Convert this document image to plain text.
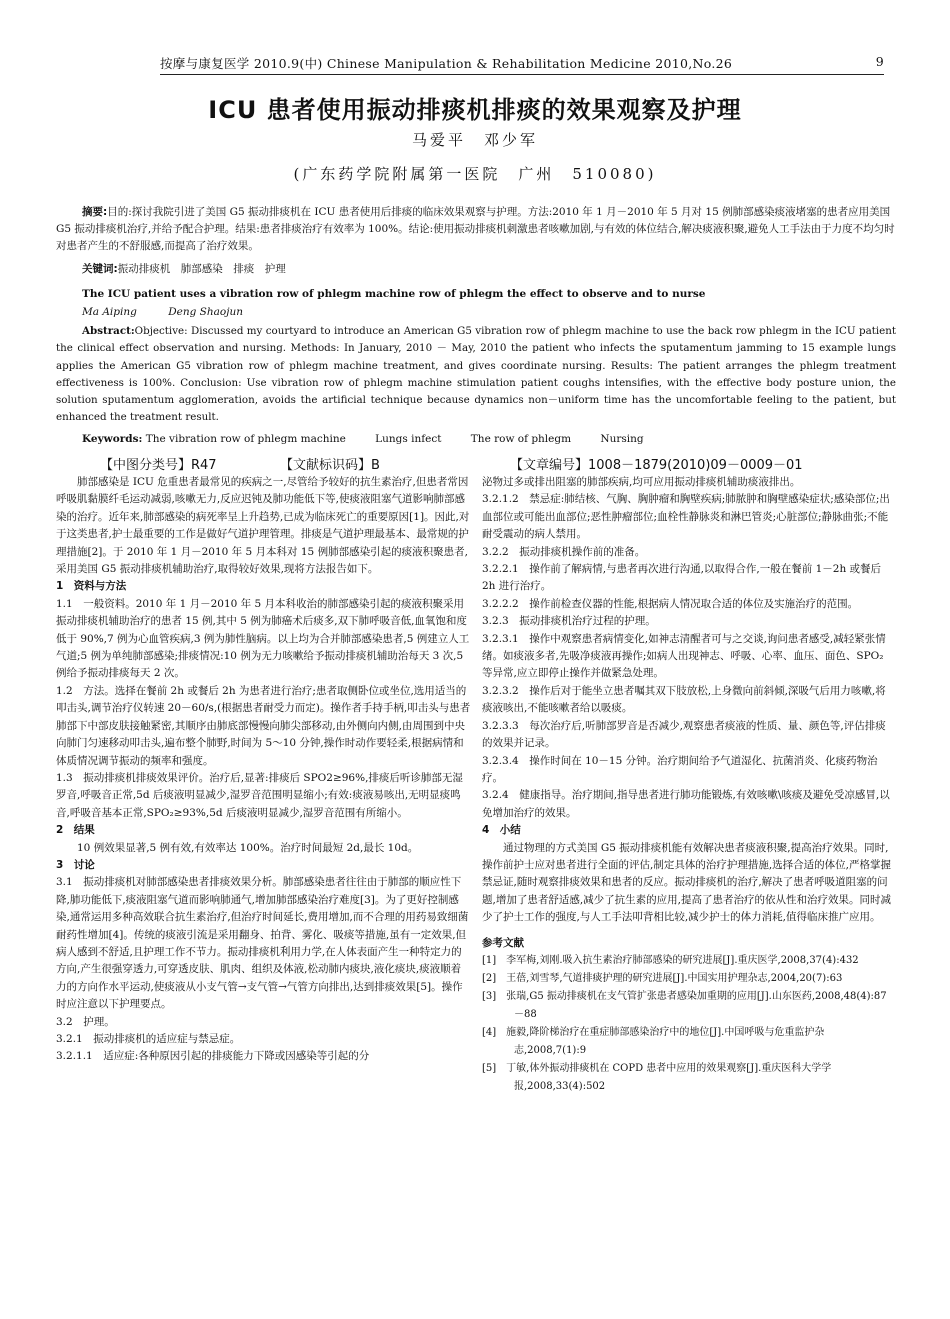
按摩与康复医学 2010.9(中) Chinese Manipulation & Rehabilitation Medicine 2010,No.26	9
ICU 患者使用振动排痰机排痰的效果观察及护理
马爱平　邓少军
(广东药学院附属第一医院　广州　510080)
摘要:目的:探讨我院引进了美国 G5 振动排痰机在 ICU 患者使用后排痰的临床效果观察与护理。方法:2010 年 1 月－2010 年 5 月对 15 例肺部感染痰液堵塞的患者应用美国 G5 振动排痰机治疗,并给予配合护理。结果:患者排痰治疗有效率为 100%。结论:使用振动排痰机刺激患者咳嗽加剧,与有效的体位结合,解决痰液积聚,避免人工手法由于力度不均匀时对患者产生的不舒服感,而提高了治疗效果。
关键词:振动排痰机　肺部感染　排痰　护理
The ICU patient uses a vibration row of phlegm machine row of phlegm the effect to observe and to nurse
Ma Aiping	Deng Shaojun
Abstract:Objective: Discussed my courtyard to introduce an American G5 vibration row of phlegm machine to use the back row phlegm in the ICU patient the clinical effect observation and nursing. Methods: In January, 2010 － May, 2010 the patient who infects the sputamentum jamming to 15 example lungs applies the American G5 vibration row of phlegm machine treatment, and gives coordinate nursing. Results: The patient arranges the phlegm treatment effectiveness is 100%. Conclusion: Use vibration row of phlegm machine stimulation patient coughs intensifies, with the effective body posture union, the solution sputamentum agglomeration, avoids the artificial technique because dynamics non－uniform time has the uncomfortable feeling to the patient, but enhanced the treatment result.
Keywords: The vibration row of phlegm machine	Lungs infect	The row of phlegm	Nursing
【中图分类号】R47	【文献标识码】B	【文章编号】1008－1879(2010)09－0009－01

肺部感染是 ICU 危重患者最常见的疾病之一,尽管给予较好的抗生素治疗,但患者常因呼吸肌黏膜纤毛运动减弱,咳嗽无力,反应迟钝及肺功能低下等,使痰液阻塞气道影响肺部感染的治疗。近年来,肺部感染的病死率呈上升趋势,已成为临床死亡的重要原因[1]。因此,对于这类患者,护士最重要的工作是做好气道护理管理。排痰是气道护理最基本、最常规的护理措施[2]。于 2010 年 1 月－2010 年 5 月本科对 15 例肺部感染引起的痰液积聚患者,采用美国 G5 振动排痰机辅助治疗,取得较好效果,现将方法报告如下。

1　资料与方法

1.1　一般资料。2010 年 1 月－2010 年 5 月本科收治的肺部感染引起的痰液积聚采用振动排痰机辅助治疗的患者 15 例,其中 5 例为肺癌术后痰多,双下肺呼吸音低,血氧饱和度低于 90%,7 例为心血管疾病,3 例为肺性脑病。以上均为合并肺部感染患者,5 例建立人工气道;5 例为单纯肺部感染;排痰情况:10 例为无力咳嗽给予振动排痰机辅助治每天 3 次,5 例给予振动排痰每天 2 次。

1.2　方法。选择在餐前 2h 或餐后 2h 为患者进行治疗;患者取侧卧位或坐位,选用适当的叩击头,调节治疗仪转速 20－60/s,(根据患者耐受力而定)。操作者手持手柄,叩击头与患者肺部下中部皮肤接触紧密,其顺序由肺底部慢慢向肺尖部移动,由外侧向内侧,由周围到中央向肺门匀速移动叩击头,遍布整个肺野,时间为 5～10 分钟,操作时动作要轻柔,根据病情和体质情况调节振动的频率和强度。

1.3　振动排痰机排痰效果评价。治疗后,显著:排痰后 SPO2≥96%,排痰后听诊肺部无湿罗音,呼吸音正常,5d 后痰液明显减少,湿罗音范围明显缩小;有效:痰液易咳出,无明显痰鸣音,呼吸音基本正常,SPO₂≥93%,5d 后痰液明显减少,湿罗音范围有所缩小。

2　结果

10 例效果显著,5 例有效,有效率达 100%。治疗时间最短 2d,最长 10d。

3　讨论

3.1　振动排痰机对肺部感染患者排痰效果分析。肺部感染患者往往由于肺部的顺应性下降,肺功能低下,痰液阻塞气道而影响肺通气,增加肺部感染治疗难度[3]。为了更好控制感染,通常运用多种高效联合抗生素治疗,但治疗时间延长,费用增加,而不合理的用药易致细菌耐药性增加[4]。传统的痰液引流是采用翻身、拍背、雾化、吸痰等措施,虽有一定效果,但病人感到不舒适,且护理工作不节力。振动排痰机利用力学,在人体表面产生一种特定力的方向,产生很强穿透力,可穿透皮肤、肌肉、组织及体液,松动肺内痰块,液化痰块,痰液顺着力的方向作水平运动,使痰液从小支气管→支气管→气管方向排出,达到排痰效果[5]。操作时应注意以下护理要点。

3.2　护理。

3.2.1　振动排痰机的适应症与禁忌症。

3.2.1.1　适应症:各种原因引起的排痰能力下降或因感染等引起的分

泌物过多或排出阻塞的肺部疾病,均可应用振动排痰机辅助痰液排出。

3.2.1.2　禁忌症:肺结核、气胸、胸肿瘤和胸壁疾病;肺脓肿和胸壁感染症状;感染部位;出血部位或可能出血部位;恶性肿瘤部位;血栓性静脉炎和淋巴管炎;心脏部位;静脉曲张;不能耐受震动的病人禁用。

3.2.2　振动排痰机操作前的准备。

3.2.2.1　操作前了解病情,与患者再次进行沟通,以取得合作,一般在餐前 1－2h 或餐后 2h 进行治疗。

3.2.2.2　操作前检查仪器的性能,根据病人情况取合适的体位及实施治疗的范围。

3.2.3　振动排痰机治疗过程的护理。

3.2.3.1　操作中观察患者病情变化,如神志清醒者可与之交谈,询问患者感受,减轻紧张情绪。如痰液多者,先吸净痰液再操作;如病人出现神志、呼吸、心率、血压、面色、SPO₂ 等异常,应立即停止操作并做紧急处理。

3.2.3.2　操作后对于能坐立患者嘱其双下肢放松,上身微向前斜倾,深吸气后用力咳嗽,将痰液咳出,不能咳嗽者给以吸痰。

3.2.3.3　每次治疗后,听肺部罗音是否减少,观察患者痰液的性质、量、颜色等,评估排痰的效果并记录。

3.2.3.4　操作时间在 10－15 分钟。治疗期间给予气道湿化、抗菌消炎、化痰药物治疗。

3.2.4　健康指导。治疗期间,指导患者进行肺功能锻炼,有效咳嗽\咳痰及避免受凉感冒,以免增加治疗的效果。

4　小结

通过物理的方式美国 G5 振动排痰机能有效解决患者痰液积聚,提高治疗效果。同时,操作前护士应对患者进行全面的评估,制定具体的治疗护理措施,选择合适的体位,严格掌握禁忌证,随时观察排痰效果和患者的反应。振动排痰机的治疗,解决了患者呼吸道阻塞的问题,增加了患者舒适感,减少了抗生素的应用,提高了患者治疗的依从性和治疗效果。同时减少了护士工作的强度,与人工手法叩背相比较,减少护士的体力消耗,值得临床推广应用。

参考文献

[1]　李军梅,刘刚.吸入抗生素治疗肺部感染的研究进展[J].重庆医学,2008,37(4):432

[2]　王蓓,刘雪琴,气道排痰护理的研究进展[J].中国实用护理杂志,2004,20(7):63

[3]　张瑞,G5 振动排痰机在支气管扩张患者感染加重期的应用[J].山东医药,2008,48(4):87－88

[4]　施毅,降阶梯治疗在重症肺部感染治疗中的地位[J].中国呼吸与危重监护杂志,2008,7(1):9

[5]　丁敏,体外振动排痰机在 COPD 患者中应用的效果观察[J].重庆医科大学学报,2008,33(4):502
